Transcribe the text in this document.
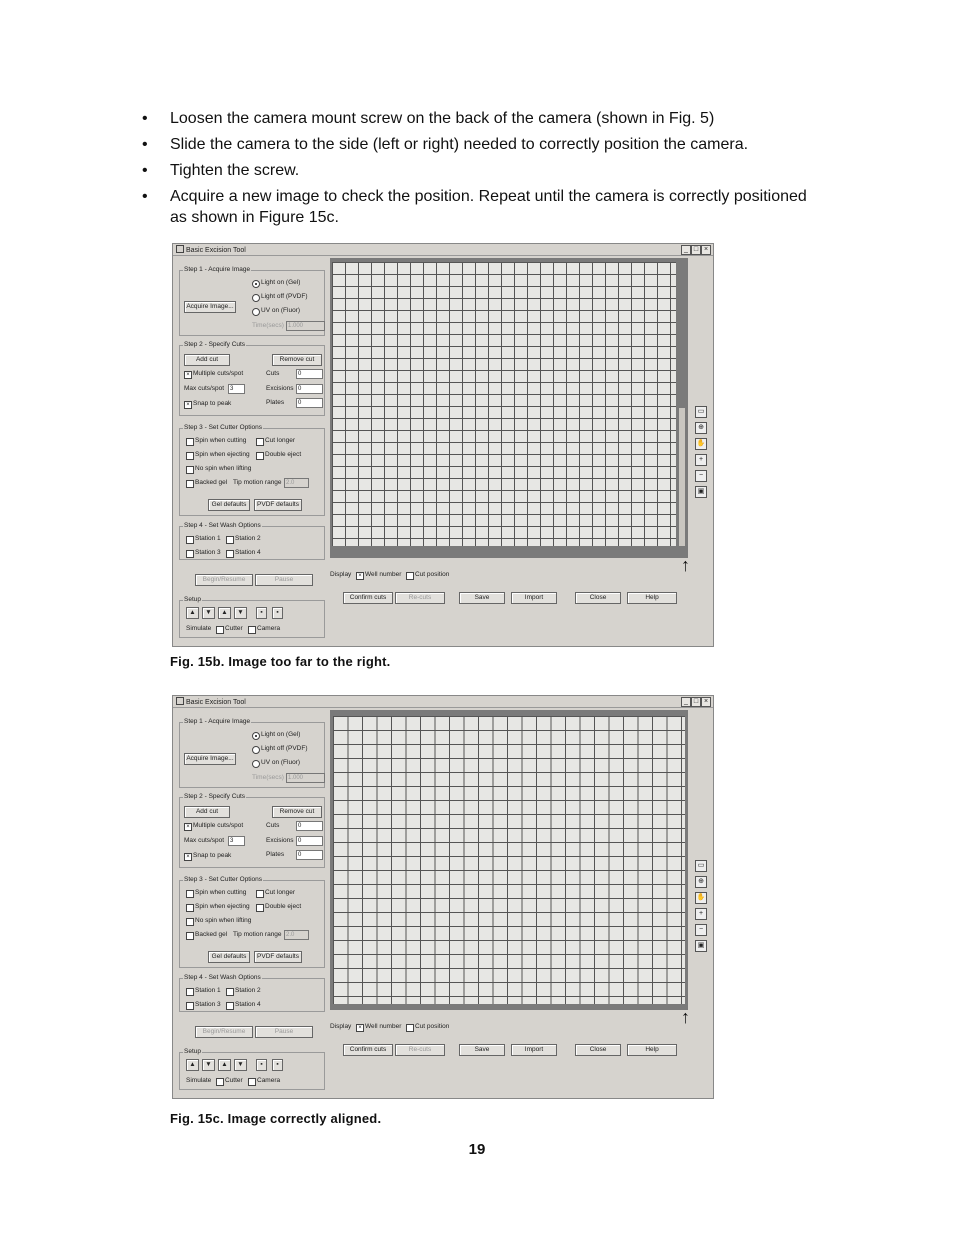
• Loosen the camera mount screw on the back of the camera (shown in Fig. 5)
• Slide the camera to the side (left or right) needed to correctly position the camera.
• Tighten the screw.
• Acquire a new image to check the position. Repeat until the camera is correctly positioned as shown in Figure 15c.
Basic Excision Tool	_ □ ×
Step 1 - Acquire Image
Acquire Image...
Light on (Gel)
Light off (PVDF)
UV on (Fluor)
Time(secs) 1.000
Step 2 - Specify Cuts
Add cut	Remove cut
× Multiple cuts/spot
Max cuts/spot 3
× Snap to peak
Cuts	0
Excisions 0
Plates	0
Step 3 - Set Cutter Options
Spin when cutting	Cut longer
Spin when ejecting Double eject
No spin when lifting
Backed gel Tip motion range 2.0
Gel defaults	PVDF defaults
Step 4 - Set Wash Options
Station 1 Station 2
Station 3 Station 4
Begin/Resume	Pause
Setup
▲	▼	▲	▼	▪	▪
Simulate Cutter Camera
▭
⊕
✋
+
−
▣
↑
Display	× Well number Cut position
Confirm cuts	Re-cuts	Save	Import	Close	Help
Fig. 15b. Image too far to the right.
Basic Excision Tool	_ □ ×
Step 1 - Acquire Image
Acquire Image...
Light on (Gel)
Light off (PVDF)
UV on (Fluor)
Time(secs) 1.000
Step 2 - Specify Cuts
Add cut	Remove cut
× Multiple cuts/spot
Max cuts/spot 3
× Snap to peak
Cuts	0
Excisions 0
Plates	0
Step 3 - Set Cutter Options
Spin when cutting	Cut longer
Spin when ejecting Double eject
No spin when lifting
Backed gel Tip motion range 2.0
Gel defaults	PVDF defaults
Step 4 - Set Wash Options
Station 1 Station 2
Station 3 Station 4
Begin/Resume	Pause
Setup
▲	▼	▲	▼	▪	▪
Simulate Cutter Camera
▭
⊕
✋
+
−
▣
↑
Display	× Well number Cut position
Confirm cuts	Re-cuts	Save	Import	Close	Help
Fig. 15c. Image correctly aligned.
19
